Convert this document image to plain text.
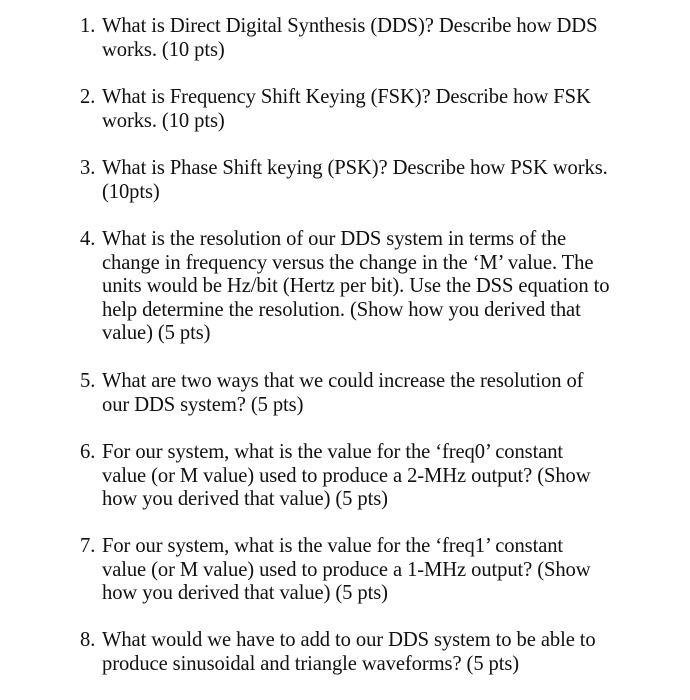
1. What is Direct Digital Synthesis (DDS)? Describe how DDS
works. (10 pts)
2. What is Frequency Shift Keying (FSK)? Describe how FSK
works. (10 pts)
3. What is Phase Shift keying (PSK)? Describe how PSK works.
(10pts)
4. What is the resolution of our DDS system in terms of the
change in frequency versus the change in the ‘M’ value. The
units would be Hz/bit (Hertz per bit). Use the DSS equation to
help determine the resolution. (Show how you derived that
value) (5 pts)
5. What are two ways that we could increase the resolution of
our DDS system? (5 pts)
6. For our system, what is the value for the ‘freq0’ constant
value (or M value) used to produce a 2-MHz output? (Show
how you derived that value) (5 pts)
7. For our system, what is the value for the ‘freq1’ constant
value (or M value) used to produce a 1-MHz output? (Show
how you derived that value) (5 pts)
8. What would we have to add to our DDS system to be able to
produce sinusoidal and triangle waveforms? (5 pts)
